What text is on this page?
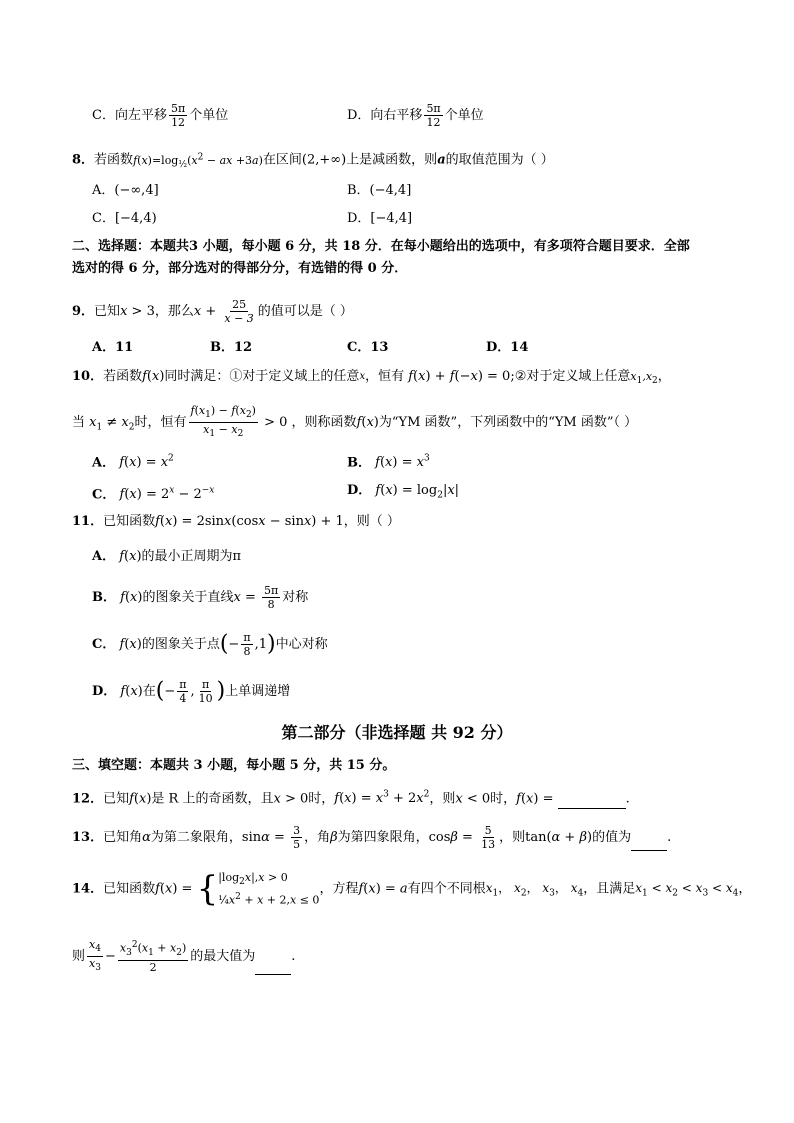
C．向左平移 $\frac{5\pi}{12}$ 个单位	D．向右平移 $\frac{5\pi}{12}$ 个单位
8．若函数$f(x)=\log_{\frac{1}{2}}(x^2$ − ax +3a)在区间(2,+∞)上是减函数，则a的取值范围为（ ）
A．(−∞,4]	B．(−4,4]
C．[−4,4)	D．[−4,4]
二、选择题：本题共3 小题，每小题 6 分，共 18 分．在每小题给出的选项中，有多项符合题目要求．全部
选对的得 6 分，部分选对的得部分分，有选错的得 0 分．
9．已知x > 3，那么$x + \frac{25}{x - 3}$ 的值可以是（ ）
A．11	B．12	C．13	D．14
10．若函数f(x)同时满足：①对于定义域上的任意$^x$，恒有 f(x) + f(−x) = 0;②对于定义域上任意$x_1,x_2$，
当 $x_1 \ne x_2$时，恒有 $\frac{f(x_1) - f(x_2)}{x_1 - x_2} > 0$ ，则称函数f(x)为“YM 函数”，下列函数中的“YM 函数”（ ）
A． $f(x) = x^2$	B． $f(x) = x^3$
C． $f(x) = 2^x - 2^{-x}$	D． $f(x) = \log_2|x|$
11．已知函数f(x) = 2sinx(cosx − sinx) + 1，则（ ）
A． f(x)的最小正周期为π
B． f(x)的图象关于直线$x = \frac{5\pi}{8}$ 对称
C． f(x)的图象关于点(− $\frac{\pi}{8} ,1$)中心对称
D． f(x)在(− $\frac{\pi}{4}$ , $\frac{\pi}{10}$ )上单调递增
第二部分（非选择题 共 92 分）
三、填空题：本题共 3 小题，每小题 5 分，共 15 分。
12．已知f(x)是 R 上的奇函数，且x > 0时，$f(x) = x^3 + 2x^2$，则x < 0时，f(x) =	.
13．已知角α为第二象限角，$\sin\alpha = \frac{3}{5}$ ，角β为第四象限角，$\cos\beta = \frac{5}{13}$ ，则tan(α + β)的值为	.
14．已知函数f(x) = { $|\log_2x|,x > 0$
$\frac{1}{4}x^2 + x + 2,x \le 0$
，方程f(x) = a有四个不同根$x_1$， $x_2$， $x_3$， $x_4$，且满足$x_1 < x_2 < x_3 < x_4$，
则 $\frac{x_4}{x_3} - \frac{x_3^2(x_1 + x_2)}{2}$ 的最大值为	.
